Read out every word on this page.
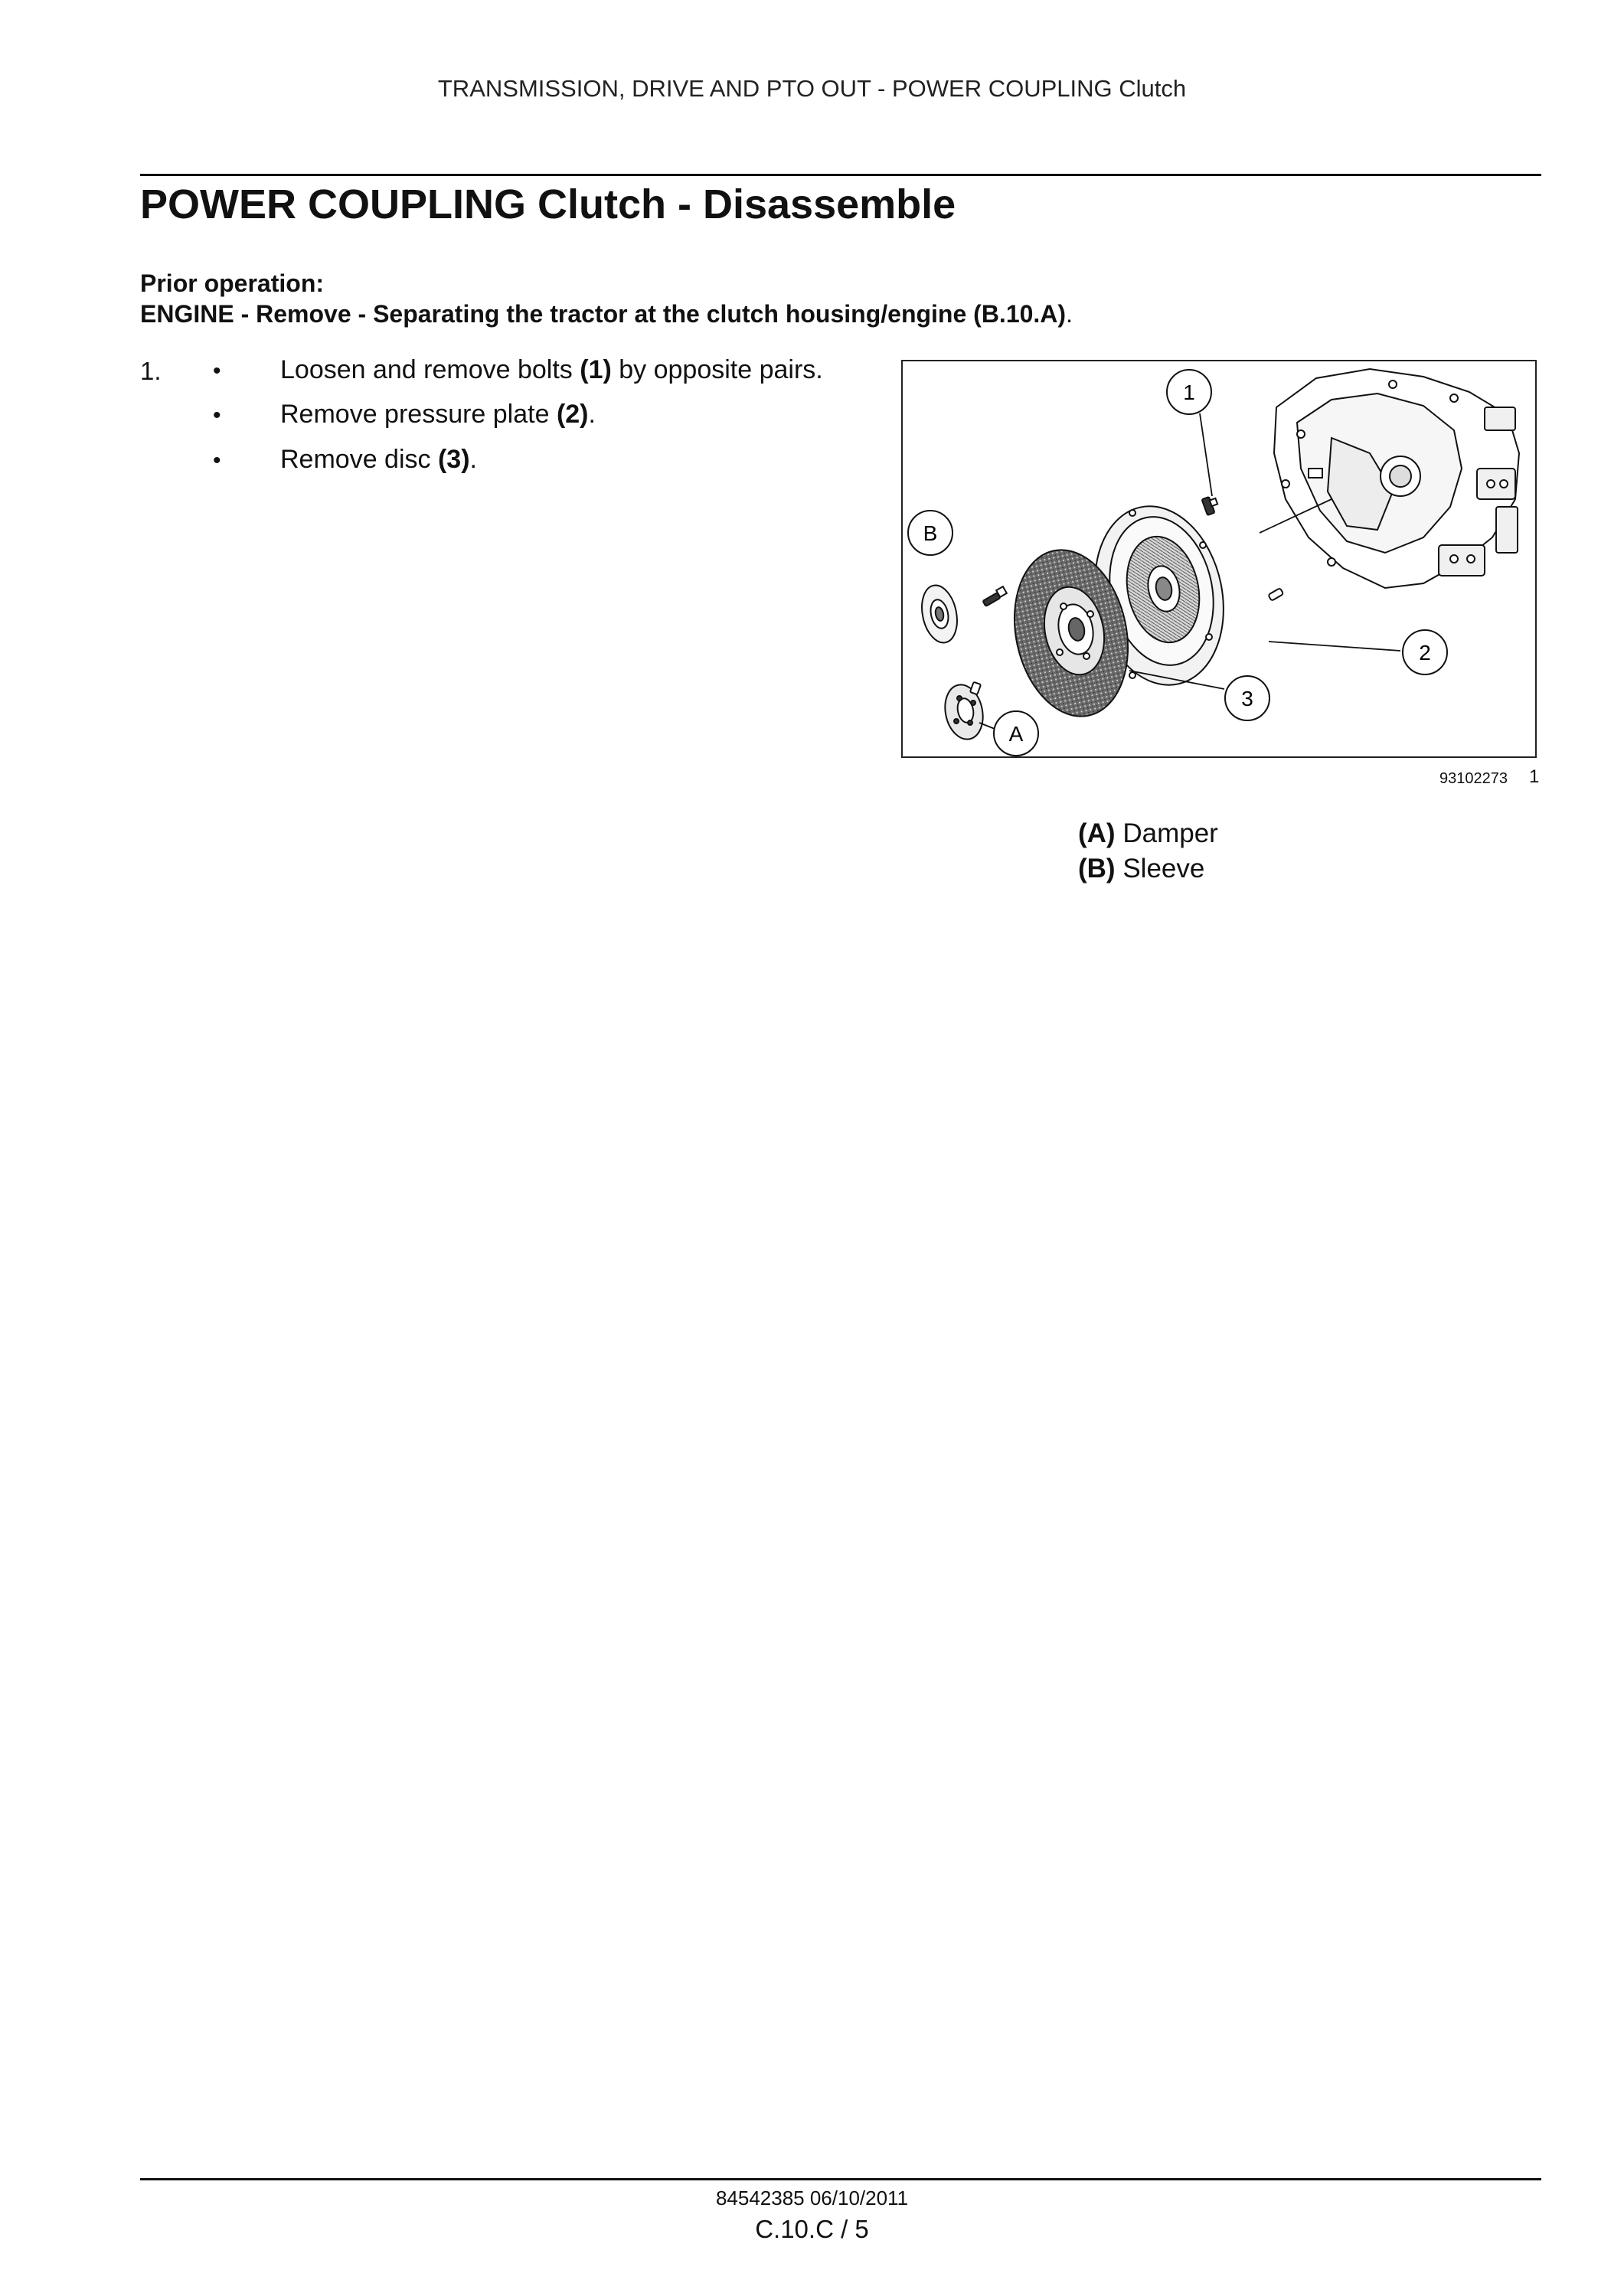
TRANSMISSION, DRIVE AND PTO OUT - POWER COUPLING Clutch
POWER COUPLING Clutch - Disassemble
Prior operation:
ENGINE - Remove - Separating the tractor at the clutch housing/engine (B.10.A).
1. • Loosen and remove bolts (1) by opposite pairs.
• Remove pressure plate (2).
• Remove disc (3).
1
2
3
A
B
93102273 1
(A) Damper
(B) Sleeve
84542385 06/10/2011
C.10.C / 5
